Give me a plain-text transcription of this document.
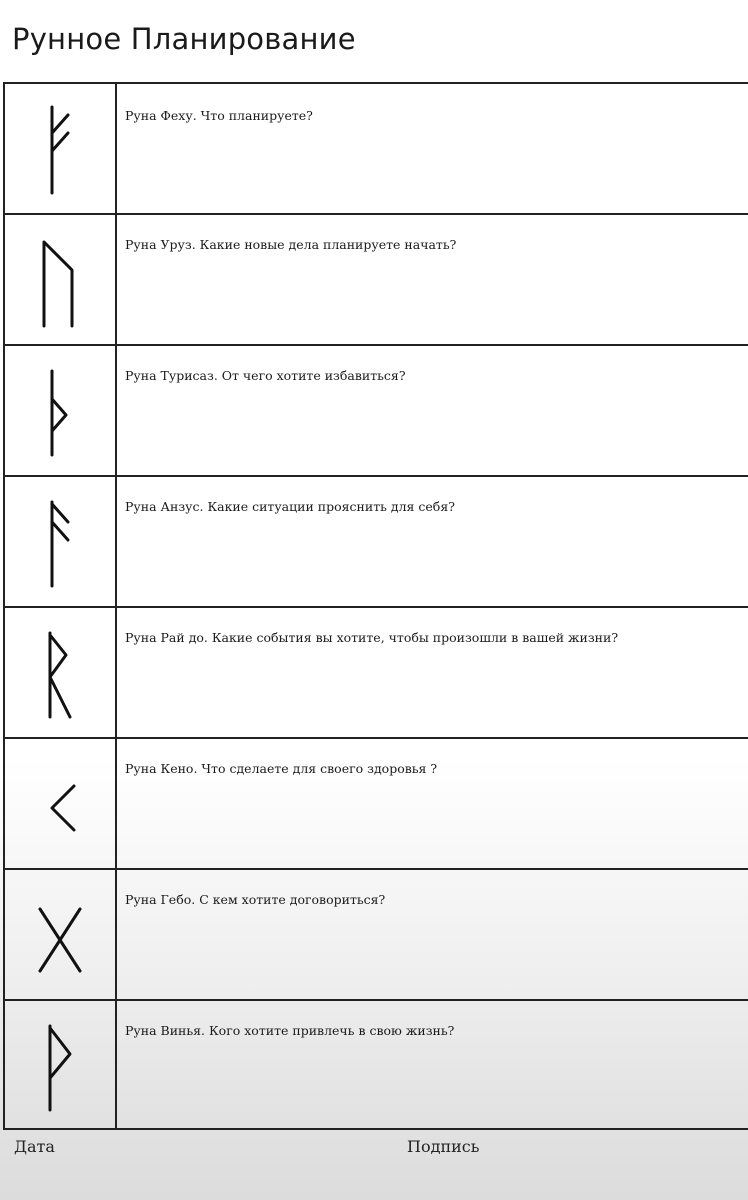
Рунное Планирование
Руна Феху. Что планируете?
Руна Уруз. Какие новые дела планируете начать?
Руна Турисаз. От чего хотите избавиться?
Руна Анзус. Какие ситуации прояснить для себя?
Руна Рай до. Какие события вы хотите, чтобы произошли в вашей жизни?
Руна Кено. Что сделаете для своего здоровья ?
Руна Гебо. С кем хотите договориться?
Руна Винья. Кого хотите привлечь в свою жизнь?
Дата	Подпись
